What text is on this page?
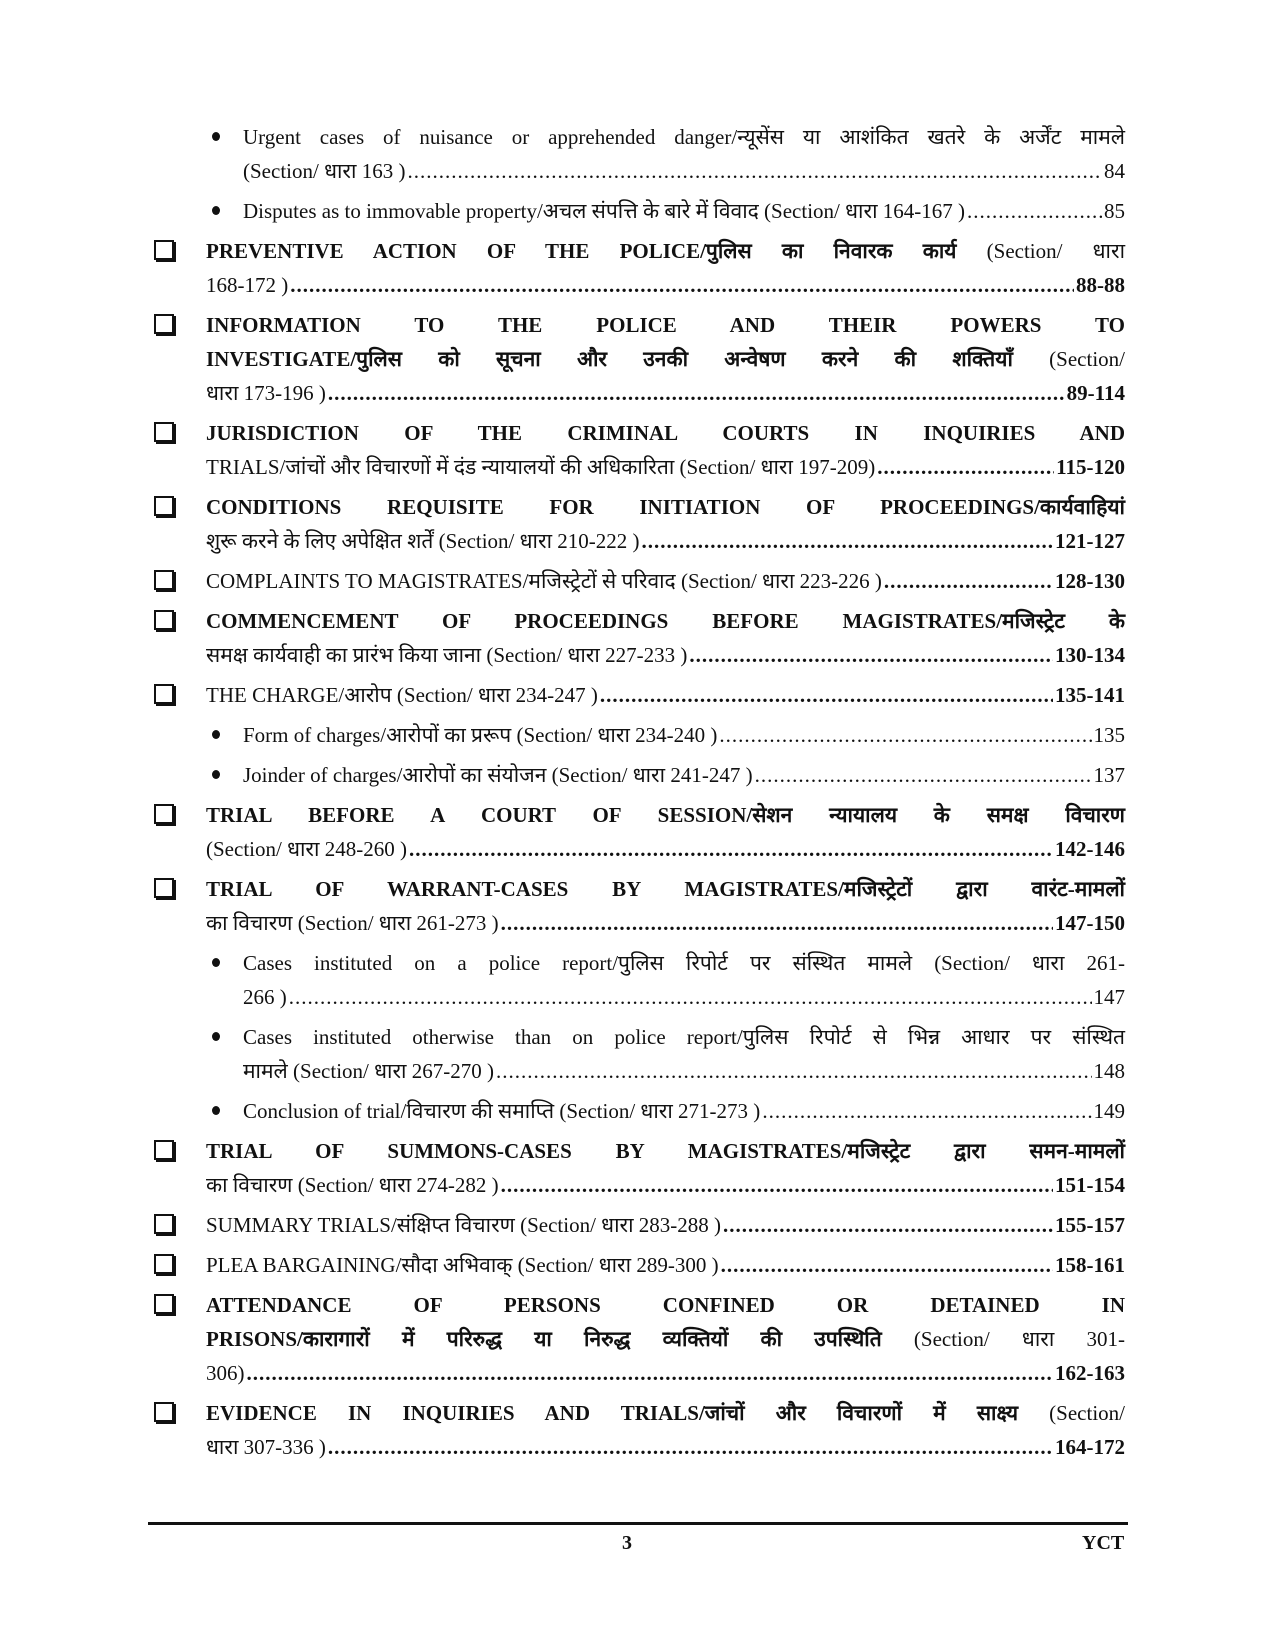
Urgent cases of nuisance or apprehended danger/न्यूसेंस या आशंकित खतरे के अर्जेंट मामले
(Section/ धारा 163 ) .....	84
Disputes as to immovable property/अचल संपत्ति के बारे में विवाद (Section/ धारा 164-167 ) .....	85
PREVENTIVE ACTION OF THE POLICE/पुलिस का निवारक कार्य (Section/ धारा
168-172 ) .....	88-88
INFORMATION TO THE POLICE AND THEIR POWERS TO
INVESTIGATE/पुलिस को सूचना और उनकी अन्वेषण करने की शक्तियाँ (Section/
धारा 173-196 ) .....	89-114
JURISDICTION OF THE CRIMINAL COURTS IN INQUIRIES AND
TRIALS/जांचों और विचारणों में दंड न्यायालयों की अधिकारिता (Section/ धारा 197-209) .....	115-120
CONDITIONS REQUISITE FOR INITIATION OF PROCEEDINGS/कार्यवाहियां
शुरू करने के लिए अपेक्षित शर्तें (Section/ धारा 210-222 ) .....	121-127
COMPLAINTS TO MAGISTRATES/मजिस्ट्रेटों से परिवाद (Section/ धारा 223-226 ) .....	128-130
COMMENCEMENT OF PROCEEDINGS BEFORE MAGISTRATES/मजिस्ट्रेट के
समक्ष कार्यवाही का प्रारंभ किया जाना (Section/ धारा 227-233 ) .....	130-134
THE CHARGE/आरोप (Section/ धारा 234-247 ) .....	135-141
Form of charges/आरोपों का प्ररूप (Section/ धारा 234-240 ) .....	135
Joinder of charges/आरोपों का संयोजन (Section/ धारा 241-247 ) .....	137
TRIAL BEFORE A COURT OF SESSION/सेशन न्यायालय के समक्ष विचारण
(Section/ धारा 248-260 ) .....	142-146
TRIAL OF WARRANT-CASES BY MAGISTRATES/मजिस्ट्रेटों द्वारा वारंट-मामलों
का विचारण (Section/ धारा 261-273 ) .....	147-150
Cases instituted on a police report/पुलिस रिपोर्ट पर संस्थित मामले (Section/ धारा 261-
266 ) .....	147
Cases instituted otherwise than on police report/पुलिस रिपोर्ट से भिन्न आधार पर संस्थित
मामले (Section/ धारा 267-270 ) .....	148
Conclusion of trial/विचारण की समाप्ति (Section/ धारा 271-273 ) .....	149
TRIAL OF SUMMONS-CASES BY MAGISTRATES/मजिस्ट्रेट द्वारा समन-मामलों
का विचारण (Section/ धारा 274-282 ) .....	151-154
SUMMARY TRIALS/संक्षिप्त विचारण (Section/ धारा 283-288 ) .....	155-157
PLEA BARGAINING/सौदा अभिवाक् (Section/ धारा 289-300 ) .....	158-161
ATTENDANCE OF PERSONS CONFINED OR DETAINED IN
PRISONS/कारागारों में परिरुद्ध या निरुद्ध व्यक्तियों की उपस्थिति (Section/ धारा 301-
306) .....	162-163
EVIDENCE IN INQUIRIES AND TRIALS/जांचों और विचारणों में साक्ष्य (Section/
धारा 307-336 ) .....	164-172
3	YCT
